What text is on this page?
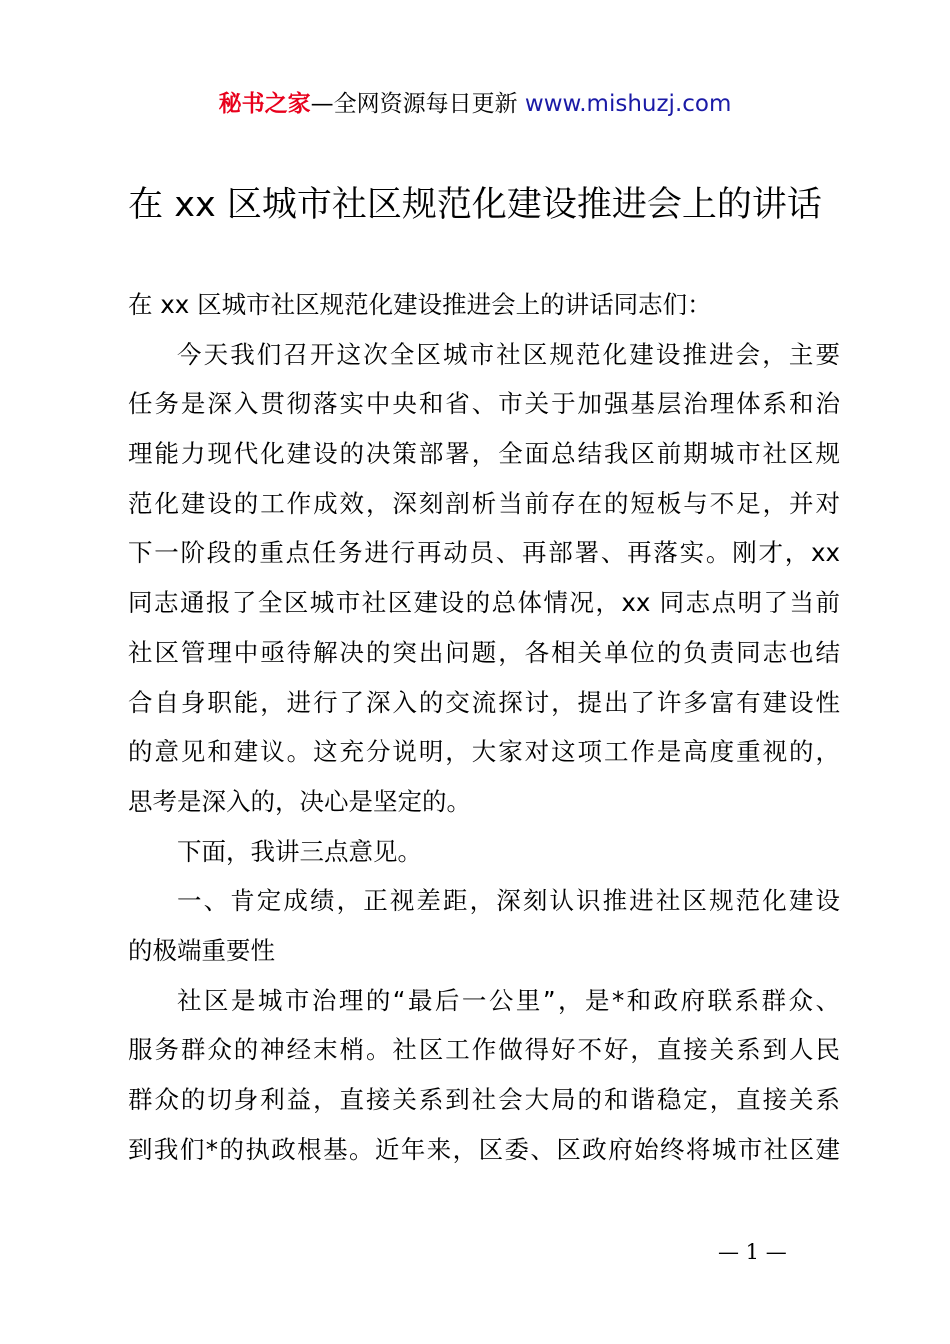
秘书之家—全网资源每日更新 www.mishuzj.com
在 xx 区城市社区规范化建设推进会上的讲话
在 xx 区城市社区规范化建设推进会上的讲话同志们：
今天我们召开这次全区城市社区规范化建设推进会，主要
任务是深入贯彻落实中央和省、市关于加强基层治理体系和治
理能力现代化建设的决策部署，全面总结我区前期城市社区规
范化建设的工作成效，深刻剖析当前存在的短板与不足，并对
下一阶段的重点任务进行再动员、再部署、再落实。刚才，xx
同志通报了全区城市社区建设的总体情况，xx 同志点明了当前
社区管理中亟待解决的突出问题，各相关单位的负责同志也结
合自身职能，进行了深入的交流探讨，提出了许多富有建设性
的意见和建议。这充分说明，大家对这项工作是高度重视的，
思考是深入的，决心是坚定的。
下面，我讲三点意见。
一、肯定成绩，正视差距，深刻认识推进社区规范化建设
的极端重要性
社区是城市治理的“最后一公里”，是*和政府联系群众、
服务群众的神经末梢。社区工作做得好不好，直接关系到人民
群众的切身利益，直接关系到社会大局的和谐稳定，直接关系
到我们*的执政根基。近年来，区委、区政府始终将城市社区建
— 1 —
